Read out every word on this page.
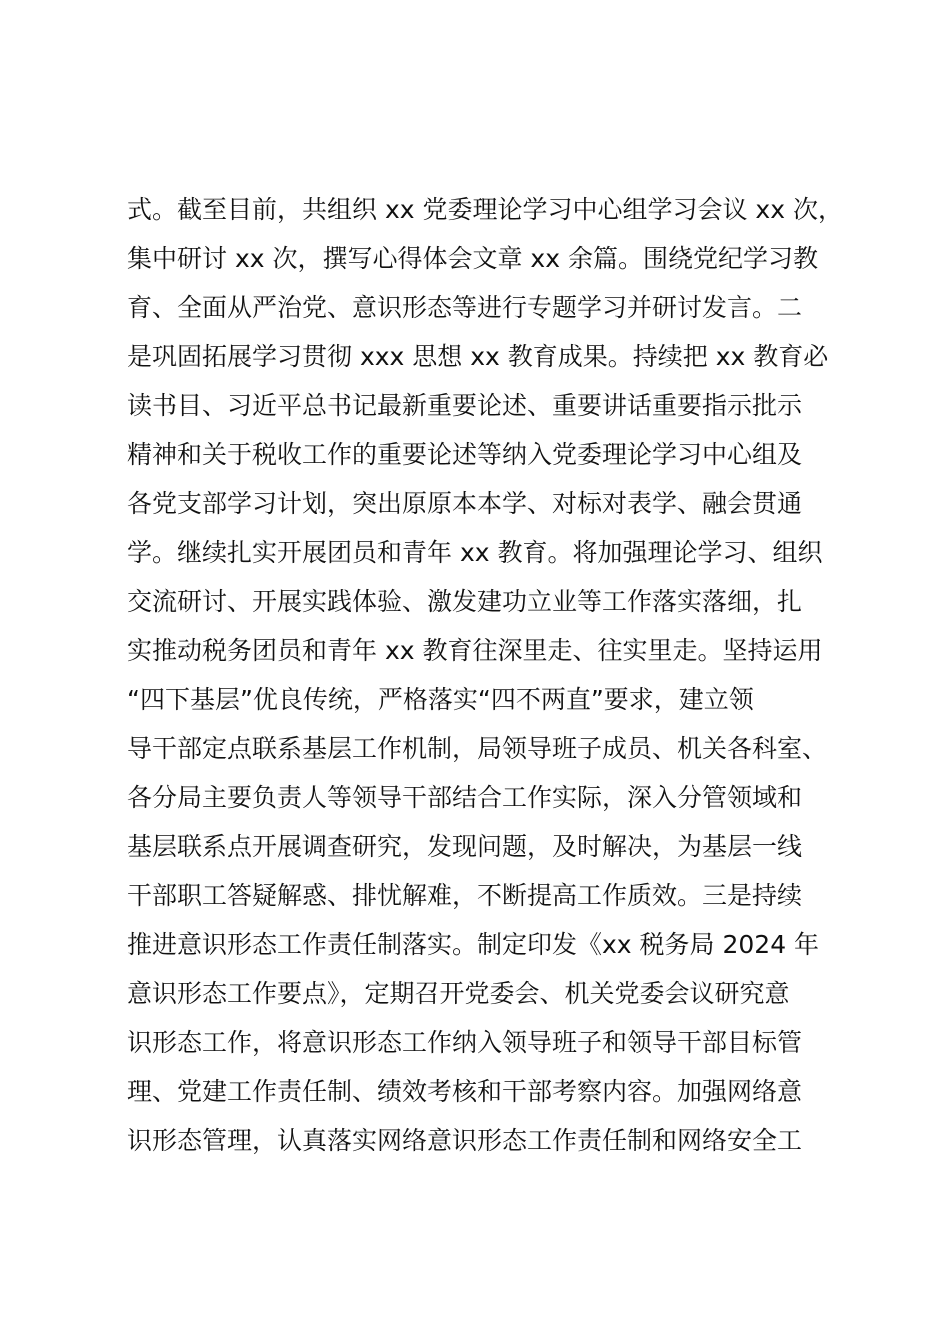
式。截至目前，共组织 xx 党委理论学习中心组学习会议 xx 次，
集中研讨 xx 次，撰写心得体会文章 xx 余篇。围绕党纪学习教
育、全面从严治党、意识形态等进行专题学习并研讨发言。二
是巩固拓展学习贯彻 xxx 思想 xx 教育成果。持续把 xx 教育必
读书目、习近平总书记最新重要论述、重要讲话重要指示批示
精神和关于税收工作的重要论述等纳入党委理论学习中心组及
各党支部学习计划，突出原原本本学、对标对表学、融会贯通
学。继续扎实开展团员和青年 xx 教育。将加强理论学习、组织
交流研讨、开展实践体验、激发建功立业等工作落实落细，扎
实推动税务团员和青年 xx 教育往深里走、往实里走。坚持运用
“四下基层”优良传统，严格落实“四不两直”要求，建立领
导干部定点联系基层工作机制，局领导班子成员、机关各科室、
各分局主要负责人等领导干部结合工作实际，深入分管领域和
基层联系点开展调查研究，发现问题，及时解决，为基层一线
干部职工答疑解惑、排忧解难，不断提高工作质效。三是持续
推进意识形态工作责任制落实。制定印发《xx 税务局 2024 年
意识形态工作要点》，定期召开党委会、机关党委会议研究意
识形态工作，将意识形态工作纳入领导班子和领导干部目标管
理、党建工作责任制、绩效考核和干部考察内容。加强网络意
识形态管理，认真落实网络意识形态工作责任制和网络安全工
